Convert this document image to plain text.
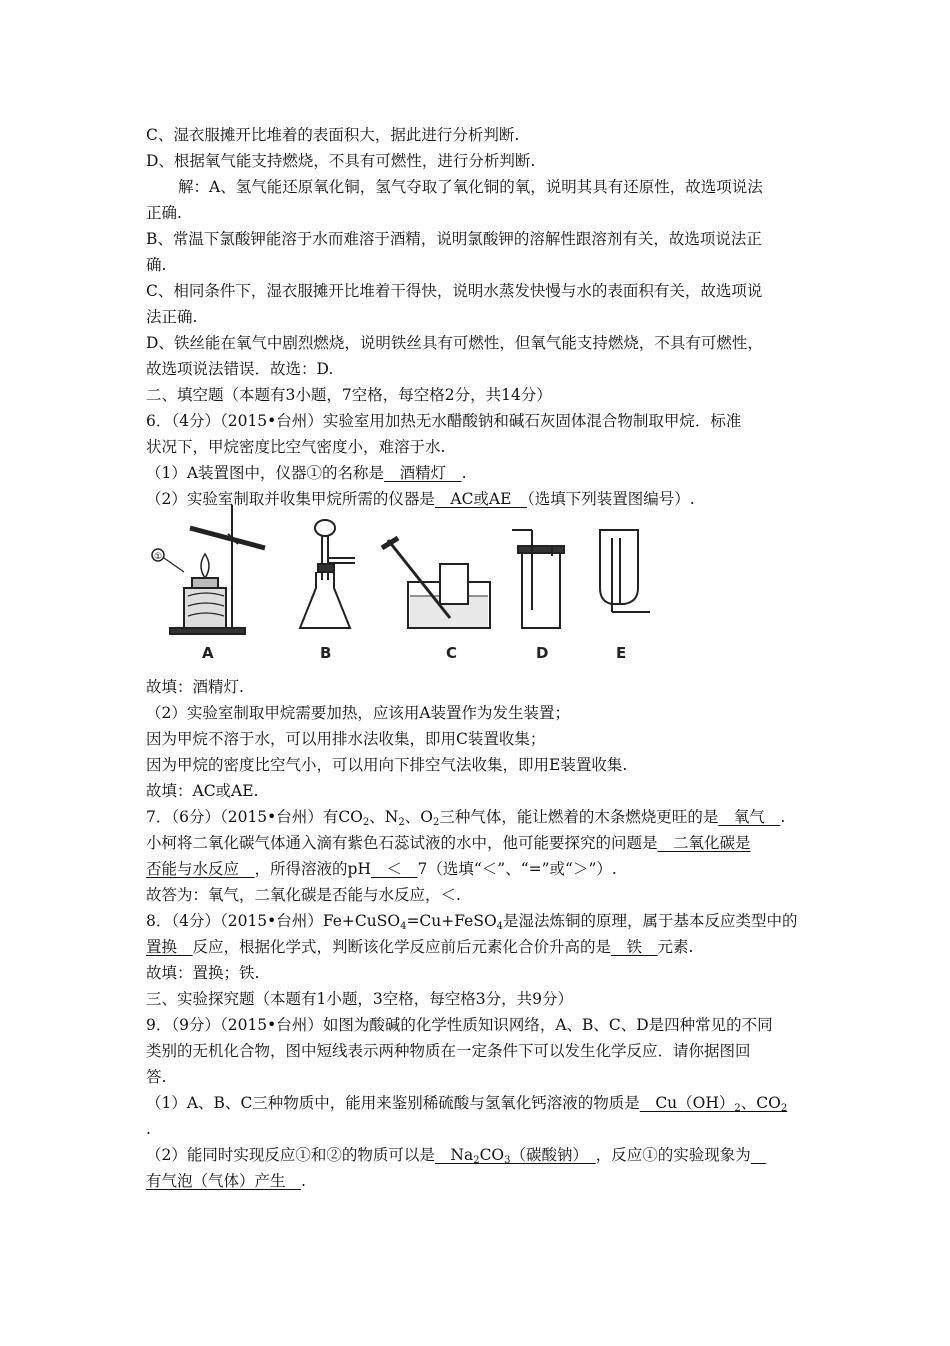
C、湿衣服摊开比堆着的表面积大，据此进行分析判断.
D、根据氧气能支持燃烧，不具有可燃性，进行分析判断.
解：A、氢气能还原氧化铜，氢气夺取了氧化铜的氧，说明其具有还原性，故选项说法
正确.
B、常温下氯酸钾能溶于水而难溶于酒精，说明氯酸钾的溶解性跟溶剂有关，故选项说法正
确.
C、相同条件下，湿衣服摊开比堆着干得快，说明水蒸发快慢与水的表面积有关，故选项说
法正确.
D、铁丝能在氧气中剧烈燃烧，说明铁丝具有可燃性，但氧气能支持燃烧，不具有可燃性，
故选项说法错误．故选：D.
二、填空题（本题有3小题，7空格，每空格2分，共14分）
6．（4分）（2015•台州）实验室用加热无水醋酸钠和碱石灰固体混合物制取甲烷．标准
状况下，甲烷密度比空气密度小，难溶于水.
（1）A装置图中，仪器①的名称是　酒精灯　.
（2）实验室制取并收集甲烷所需的仪器是　AC或AE　（选填下列装置图编号）.
①
A	B	C	D	E
故填：酒精灯.
（2）实验室制取甲烷需要加热，应该用A装置作为发生装置；
因为甲烷不溶于水，可以用排水法收集，即用C装置收集；
因为甲烷的密度比空气小，可以用向下排空气法收集，即用E装置收集.
故填：AC或AE.
7．（6分）（2015•台州）有$CO_2$、$N_2$、$O_2$三种气体，能让燃着的木条燃烧更旺的是　氧气　.
小柯将二氧化碳气体通入滴有紫色石蕊试液的水中，他可能要探究的问题是　二氧化碳是
否能与水反应　，所得溶液的pH　＜　7（选填“＜”、“=”或“＞”）.
故答为：氧气，二氧化碳是否能与水反应，＜.
8．（4分）（2015•台州）Fe+CuSO$_4$=Cu+FeSO$_4$是湿法炼铜的原理，属于基本反应类型中的
置换　反应，根据化学式，判断该化学反应前后元素化合价升高的是　铁　元素.
故填：置换；铁.
三、实验探究题（本题有1小题，3空格，每空格3分，共9分）
9．（9分）（2015•台州）如图为酸碱的化学性质知识网络，A、B、C、D是四种常见的不同
类别的无机化合物，图中短线表示两种物质在一定条件下可以发生化学反应．请你据图回
答.
（1）A、B、C三种物质中，能用来鉴别稀硫酸与氢氧化钙溶液的物质是　$Cu(OH)_2$、$CO_2$
.
（2）能同时实现反应①和②的物质可以是　$Na_2CO_3$（碳酸钠）　，反应①的实验现象为　
有气泡（气体）产生　.
